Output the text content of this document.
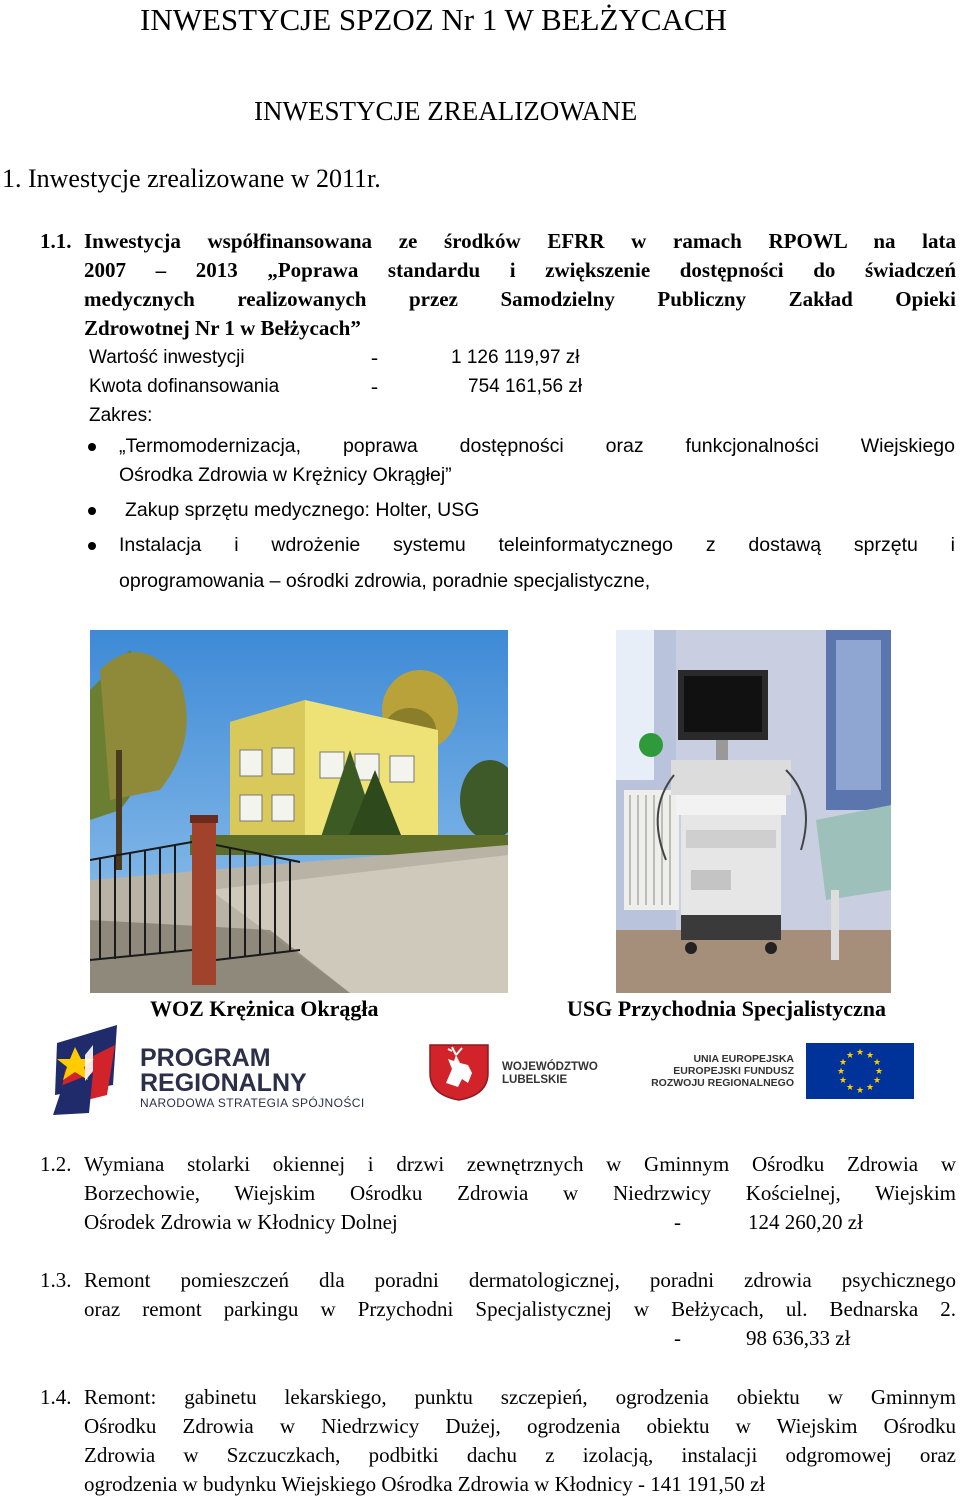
INWESTYCJE SPZOZ Nr 1 W BEŁŻYCACH
INWESTYCJE ZREALIZOWANE
1. Inwestycje zrealizowane w 2011r.
1.1. Inwestycja współfinansowana ze środków EFRR w ramach RPOWL na lata
2007 – 2013 „Poprawa standardu i zwiększenie dostępności do świadczeń
medycznych realizowanych przez Samodzielny Publiczny Zakład Opieki
Zdrowotnej Nr 1 w Bełżycach”
Wartość inwestycji	-	1 126 119,97 zł
Kwota dofinansowania	-	754 161,56 zł
Zakres:
„Termomodernizacja, poprawa dostępności oraz funkcjonalności Wiejskiego
Ośrodka Zdrowia w Krężnicy Okrągłej”
Zakup sprzętu medycznego: Holter, USG
Instalacja i wdrożenie systemu teleinformatycznego z dostawą sprzętu i
oprogramowania – ośrodki zdrowia, poradnie specjalistyczne,
WOZ Krężnica Okrągła	USG Przychodnia Specjalistyczna
PROGRAM
REGIONALNY
NARODOWA STRATEGIA SPÓJNOŚCI
WOJEWÓDZTWO
LUBELSKIE
UNIA EUROPEJSKA
EUROPEJSKI FUNDUSZ
ROZWOJU REGIONALNEGO
★ ★
★
★
★
★
★
★
★
★
★
★
1.2. Wymiana stolarki okiennej i drzwi zewnętrznych w Gminnym Ośrodku Zdrowia w
Borzechowie, Wiejskim Ośrodku Zdrowia w Niedrzwicy Kościelnej, Wiejskim
Ośrodek Zdrowia w Kłodnicy Dolnej	-	124 260,20 zł
1.3. Remont pomieszczeń dla poradni dermatologicznej, poradni zdrowia psychicznego
oraz remont parkingu w Przychodni Specjalistycznej w Bełżycach, ul. Bednarska 2.
-	98 636,33 zł
1.4. Remont: gabinetu lekarskiego, punktu szczepień, ogrodzenia obiektu w Gminnym
Ośrodku Zdrowia w Niedrzwicy Dużej, ogrodzenia obiektu w Wiejskim Ośrodku
Zdrowia w Szczuczkach, podbitki dachu z izolacją, instalacji odgromowej oraz
ogrodzenia w budynku Wiejskiego Ośrodka Zdrowia w Kłodnicy - 141 191,50 zł
